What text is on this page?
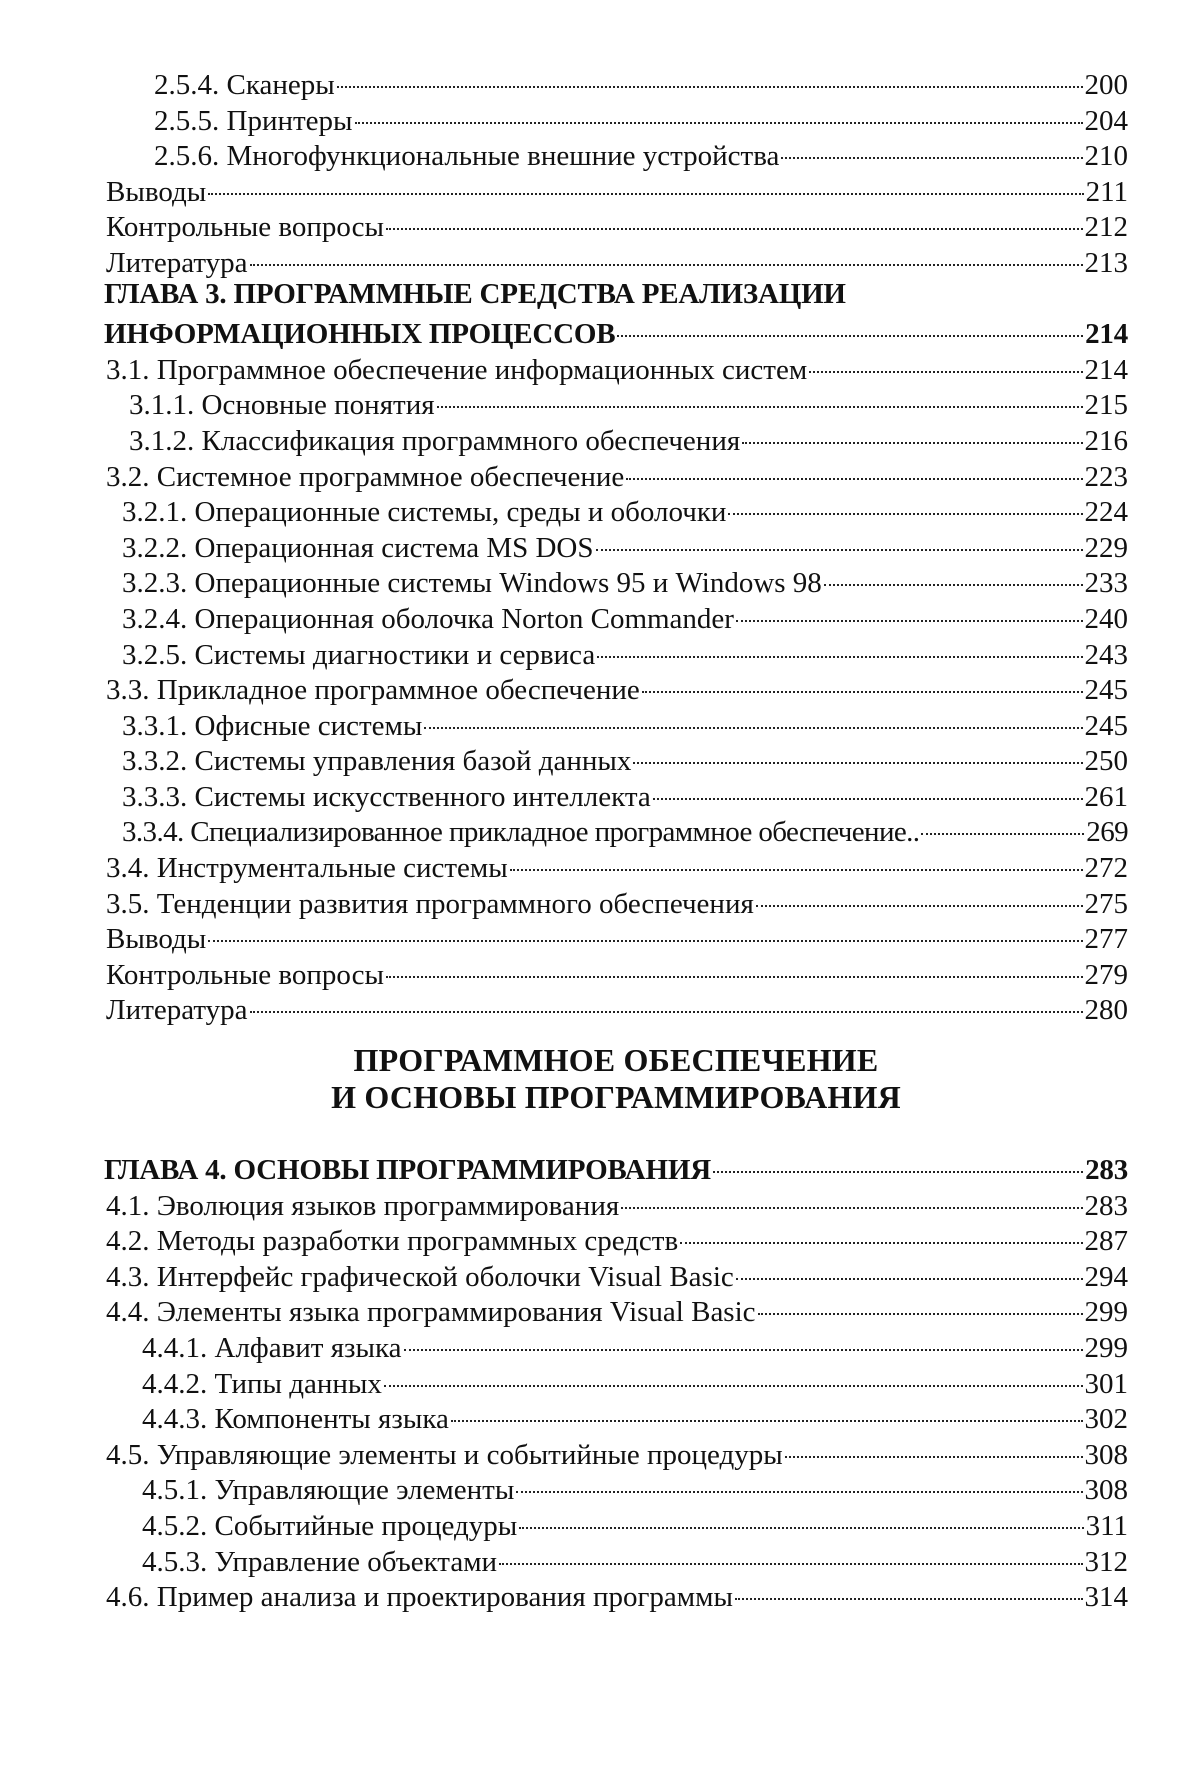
2.5.4. Сканеры	200
2.5.5. Принтеры	204
2.5.6. Многофункциональные внешние устройства	210
Выводы	211
Контрольные вопросы	212
Литература	213
ГЛАВА 3. ПРОГРАММНЫЕ СРЕДСТВА РЕАЛИЗАЦИИ
ИНФОРМАЦИОННЫХ ПРОЦЕССОВ	214
3.1. Программное обеспечение информационных систем	214
3.1.1. Основные понятия	215
3.1.2. Классификация программного обеспечения	216
3.2. Системное программное обеспечение	223
3.2.1. Операционные системы, среды и оболочки	224
3.2.2. Операционная система MS DOS	229
3.2.3. Операционные системы Windows 95 и Windows 98	233
3.2.4. Операционная оболочка Norton Commander	240
3.2.5. Системы диагностики и сервиса	243
3.3. Прикладное программное обеспечение	245
3.3.1. Офисные системы	245
3.3.2. Системы управления базой данных	250
3.3.3. Системы искусственного интеллекта	261
3.3.4. Специализированное прикладное программное обеспечение..	269
3.4. Инструментальные системы	272
3.5. Тенденции развития программного обеспечения	275
Выводы	277
Контрольные вопросы	279
Литература	280
ПРОГРАММНОЕ ОБЕСПЕЧЕНИЕ
И ОСНОВЫ ПРОГРАММИРОВАНИЯ
ГЛАВА 4. ОСНОВЫ ПРОГРАММИРОВАНИЯ	283
4.1. Эволюция языков программирования	283
4.2. Методы разработки программных средств	287
4.3. Интерфейс графической оболочки Visual Basic	294
4.4. Элементы языка программирования Visual Basic	299
4.4.1. Алфавит языка	299
4.4.2. Типы данных	301
4.4.3. Компоненты языка	302
4.5. Управляющие элементы и событийные процедуры	308
4.5.1. Управляющие элементы	308
4.5.2. Событийные процедуры	311
4.5.3. Управление объектами	312
4.6. Пример анализа и проектирования программы	314
